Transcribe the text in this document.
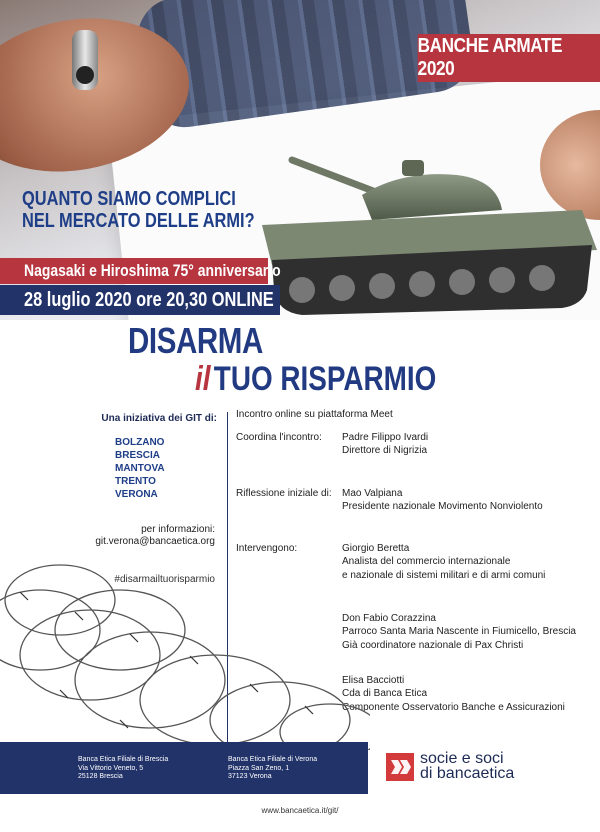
BANCHE ARMATE 2020
QUANTO SIAMO COMPLICI
NEL MERCATO DELLE ARMI?
Nagasaki e Hiroshima 75° anniversario
28 luglio 2020 ore 20,30 ONLINE
DISARMA
ilTUO RISPARMIO
Una iniziativa dei GIT di:
BOLZANO
BRESCIA
MANTOVA
TRENTO
VERONA
per informazioni:
git.verona@bancaetica.org
#disarmailtuorisparmio
Incontro online su piattaforma Meet
Coordina l'incontro: Padre Filippo Ivardi
Direttore di Nigrizia
Riflessione iniziale di: Mao Valpiana
Presidente nazionale Movimento Nonviolento
Intervengono:	Giorgio Beretta
Analista del commercio internazionale
e nazionale di sistemi militari e di armi comuni
Don Fabio Corazzina
Parroco Santa Maria Nascente in Fiumicello, Brescia
Già coordinatore nazionale di Pax Christi
Elisa Bacciotti
Cda di Banca Etica
Componente Osservatorio Banche e Assicurazioni
Banca Etica Filiale di Brescia
Via Vittorio Veneto, 5
25128 Brescia
Banca Etica Filiale di Verona
Piazza San Zeno, 1
37123 Verona
socie e soci
di bancaetica
www.bancaetica.it/git/
